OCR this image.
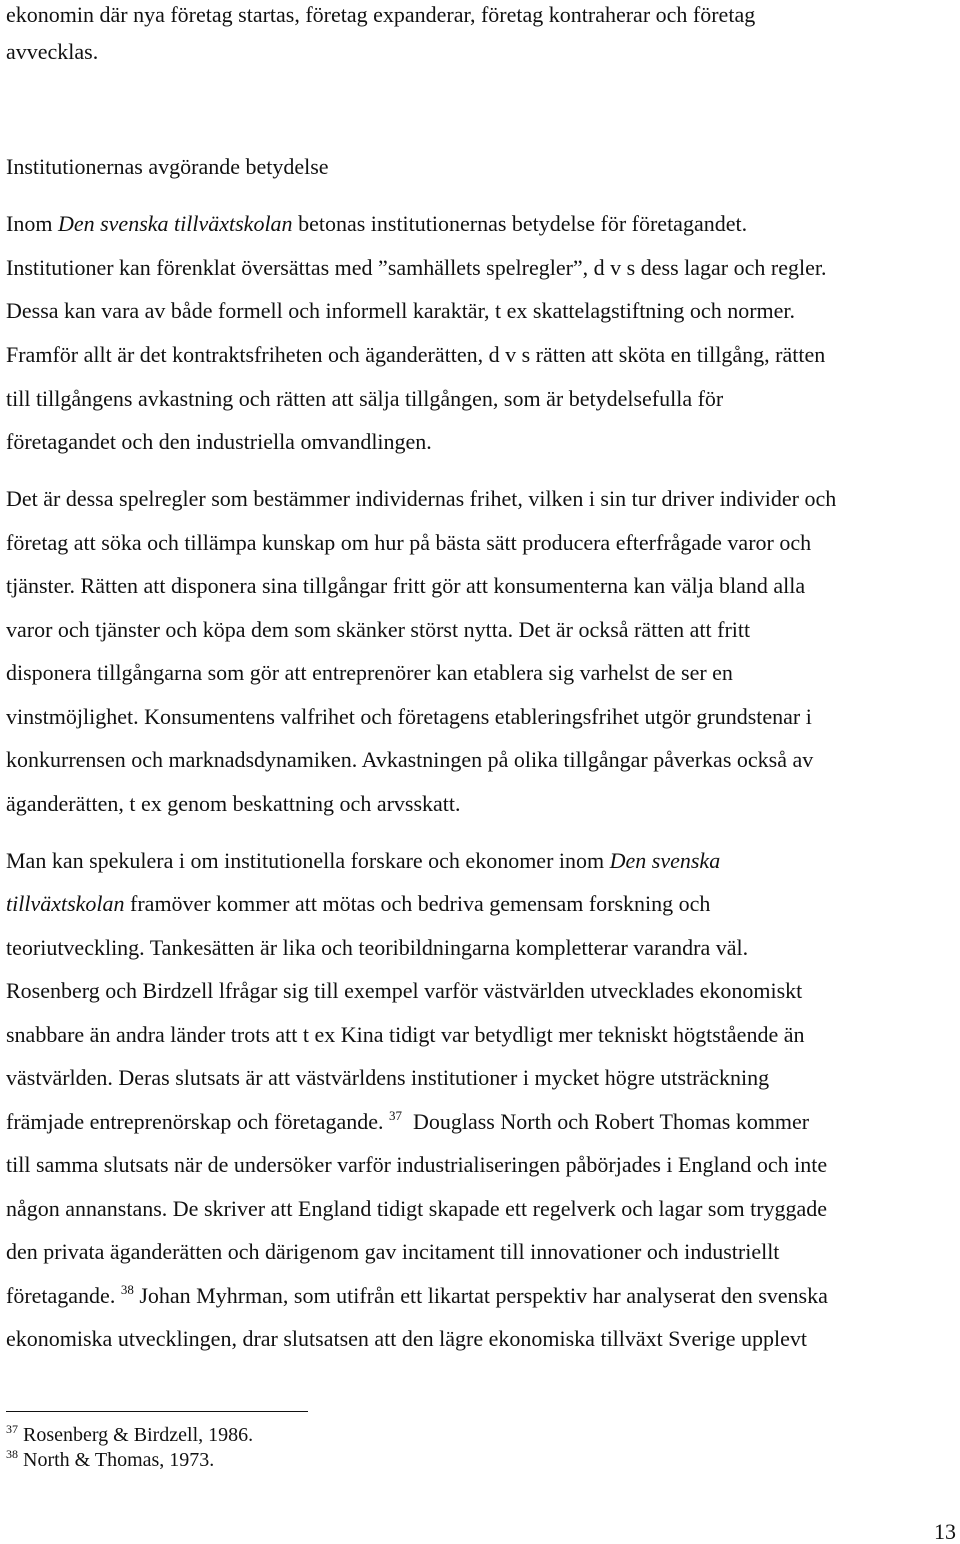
ekonomin där nya företag startas, företag expanderar, företag kontraherar och företag

avvecklas.

Institutionernas avgörande betydelse

Inom Den svenska tillväxtskolan betonas institutionernas betydelse för företagandet.

Institutioner kan förenklat översättas med ”samhällets spelregler”, d v s dess lagar och regler.

Dessa kan vara av både formell och informell karaktär, t ex skattelagstiftning och normer.

Framför allt är det kontraktsfriheten och äganderätten, d v s rätten att sköta en tillgång, rätten

till tillgångens avkastning och rätten att sälja tillgången, som är betydelsefulla för

företagandet och den industriella omvandlingen.

Det är dessa spelregler som bestämmer individernas frihet, vilken i sin tur driver individer och

företag att söka och tillämpa kunskap om hur på bästa sätt producera efterfrågade varor och

tjänster. Rätten att disponera sina tillgångar fritt gör att konsumenterna kan välja bland alla

varor och tjänster och köpa dem som skänker störst nytta. Det är också rätten att fritt

disponera tillgångarna som gör att entreprenörer kan etablera sig varhelst de ser en

vinstmöjlighet. Konsumentens valfrihet och företagens etableringsfrihet utgör grundstenar i

konkurrensen och marknadsdynamiken. Avkastningen på olika tillgångar påverkas också av

äganderätten, t ex genom beskattning och arvsskatt.

Man kan spekulera i om institutionella forskare och ekonomer inom Den svenska

tillväxtskolan framöver kommer att mötas och bedriva gemensam forskning och

teoriutveckling. Tankesätten är lika och teoribildningarna kompletterar varandra väl.

Rosenberg och Birdzell lfrågar sig till exempel varför västvärlden utvecklades ekonomiskt

snabbare än andra länder trots att t ex Kina tidigt var betydligt mer tekniskt högtstående än

västvärlden. Deras slutsats är att västvärldens institutioner i mycket högre utsträckning

främjade entreprenörskap och företagande. $^{37}$ Douglass North och Robert Thomas kommer

till samma slutsats när de undersöker varför industrialiseringen påbörjades i England och inte

någon annanstans. De skriver att England tidigt skapade ett regelverk och lagar som tryggade

den privata äganderätten och därigenom gav incitament till innovationer och industriellt

företagande. $^{38}$ Johan Myhrman, som utifrån ett likartat perspektiv har analyserat den svenska

ekonomiska utvecklingen, drar slutsatsen att den lägre ekonomiska tillväxt Sverige upplevt

$^{37}$ Rosenberg & Birdzell, 1986.

$^{38}$ North & Thomas, 1973.

13
